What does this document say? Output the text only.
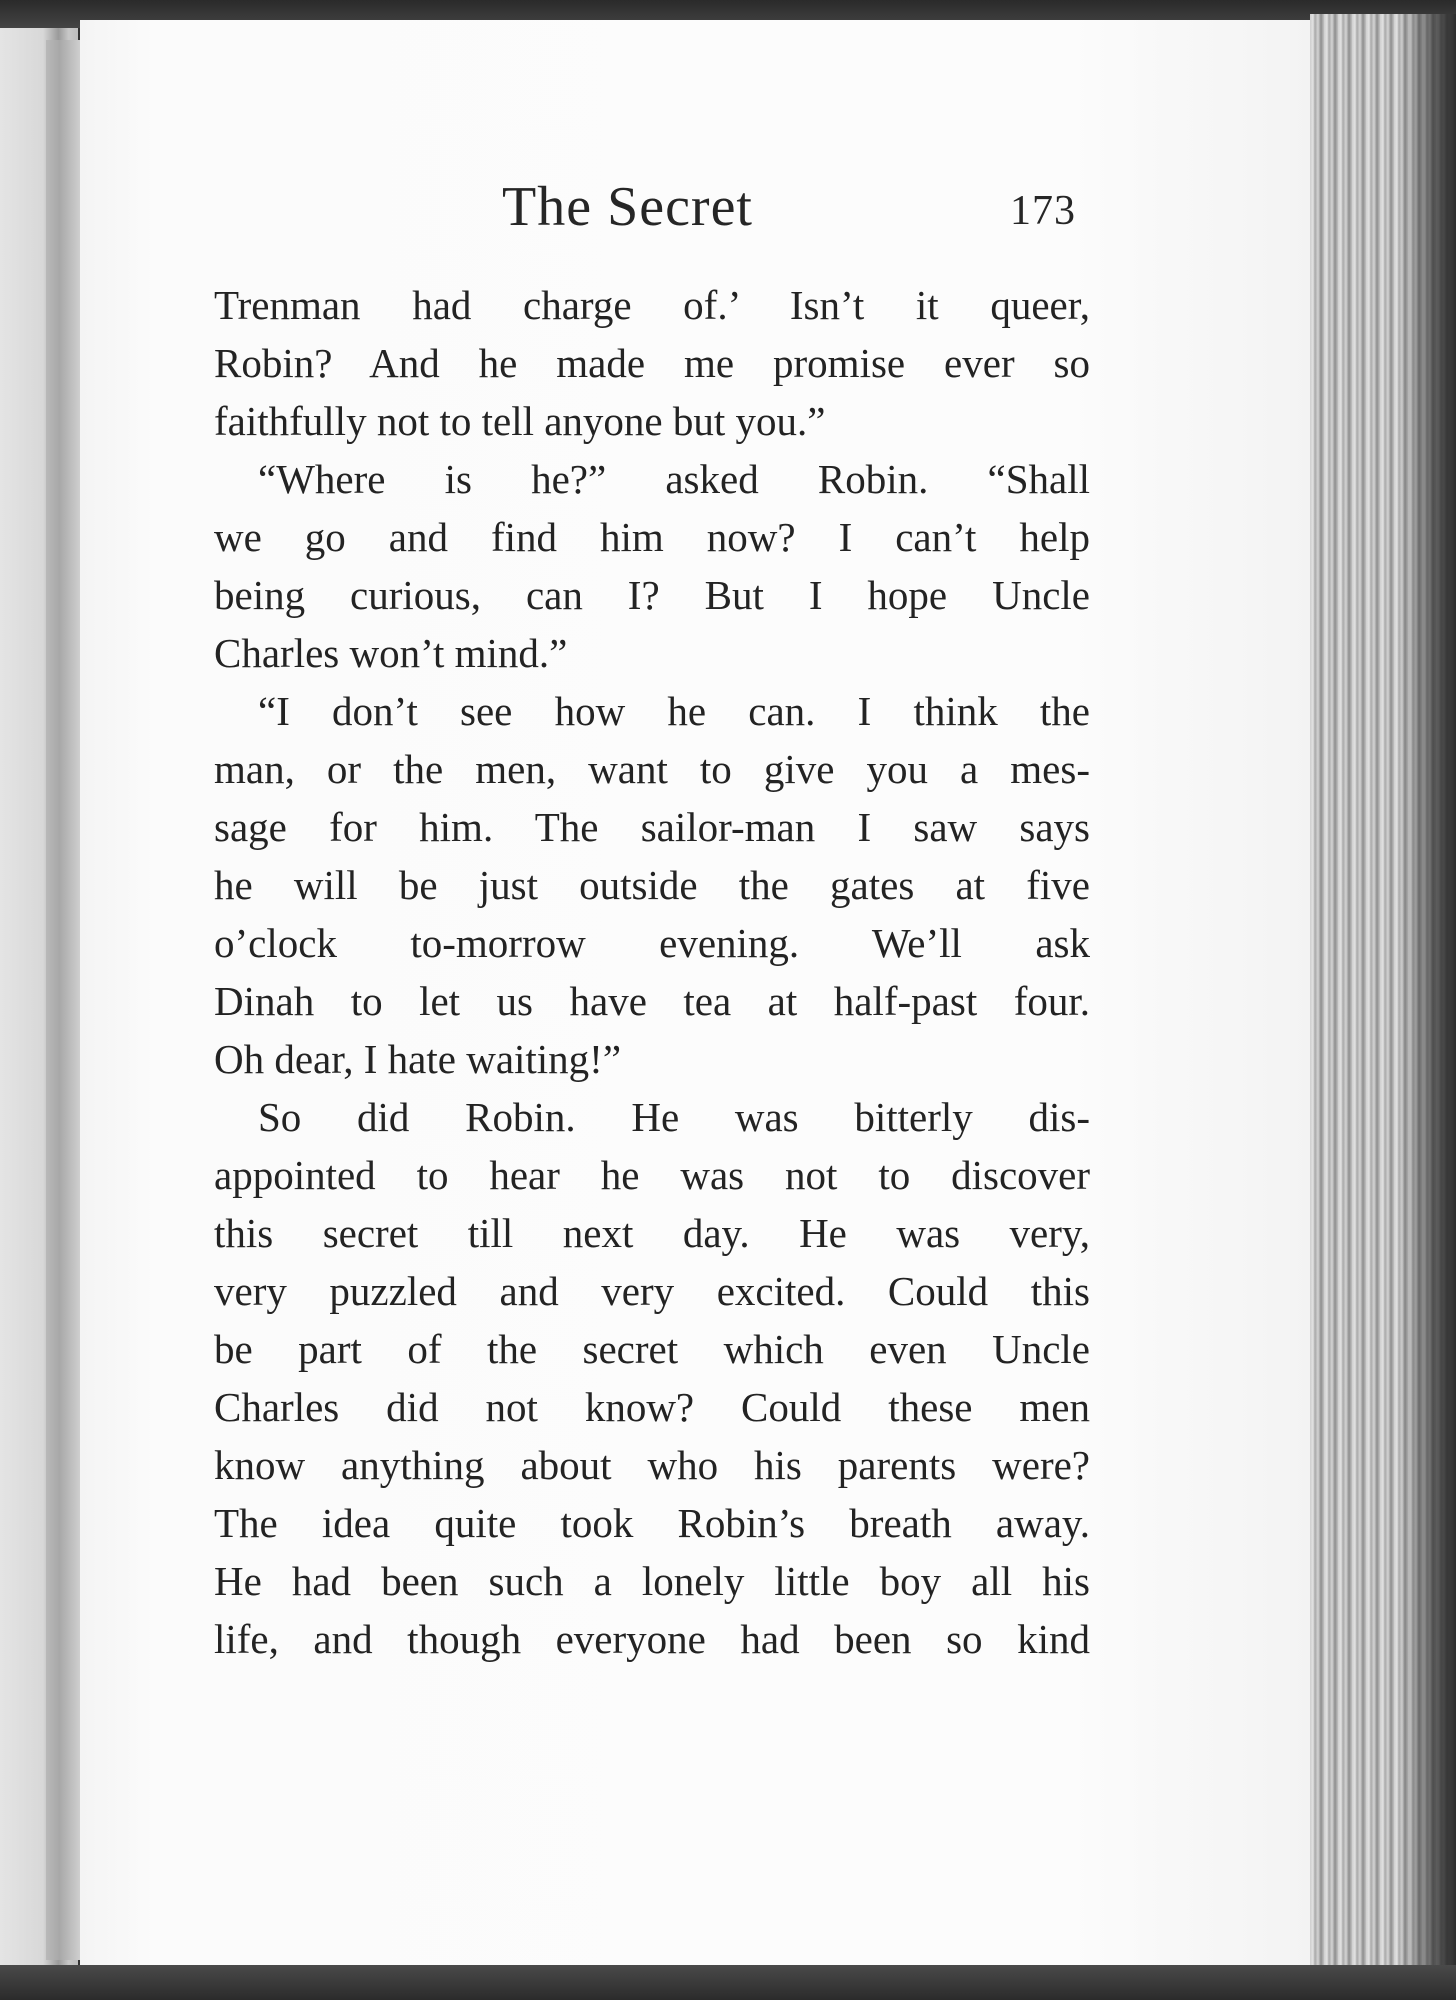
The Secret	173
Trenman had charge of.’ Isn’t it queer,
Robin? And he made me promise ever so
faithfully not to tell anyone but you.”
“Where is he?” asked Robin. “Shall
we go and find him now? I can’t help
being curious, can I? But I hope Uncle
Charles won’t mind.”
“I don’t see how he can. I think the
man, or the men, want to give you a mes-
sage for him. The sailor-man I saw says
he will be just outside the gates at five
o’clock to-morrow evening. We’ll ask
Dinah to let us have tea at half-past four.
Oh dear, I hate waiting!”
So did Robin. He was bitterly dis-
appointed to hear he was not to discover
this secret till next day. He was very,
very puzzled and very excited. Could this
be part of the secret which even Uncle
Charles did not know? Could these men
know anything about who his parents were?
The idea quite took Robin’s breath away.
He had been such a lonely little boy all his
life, and though everyone had been so kind
